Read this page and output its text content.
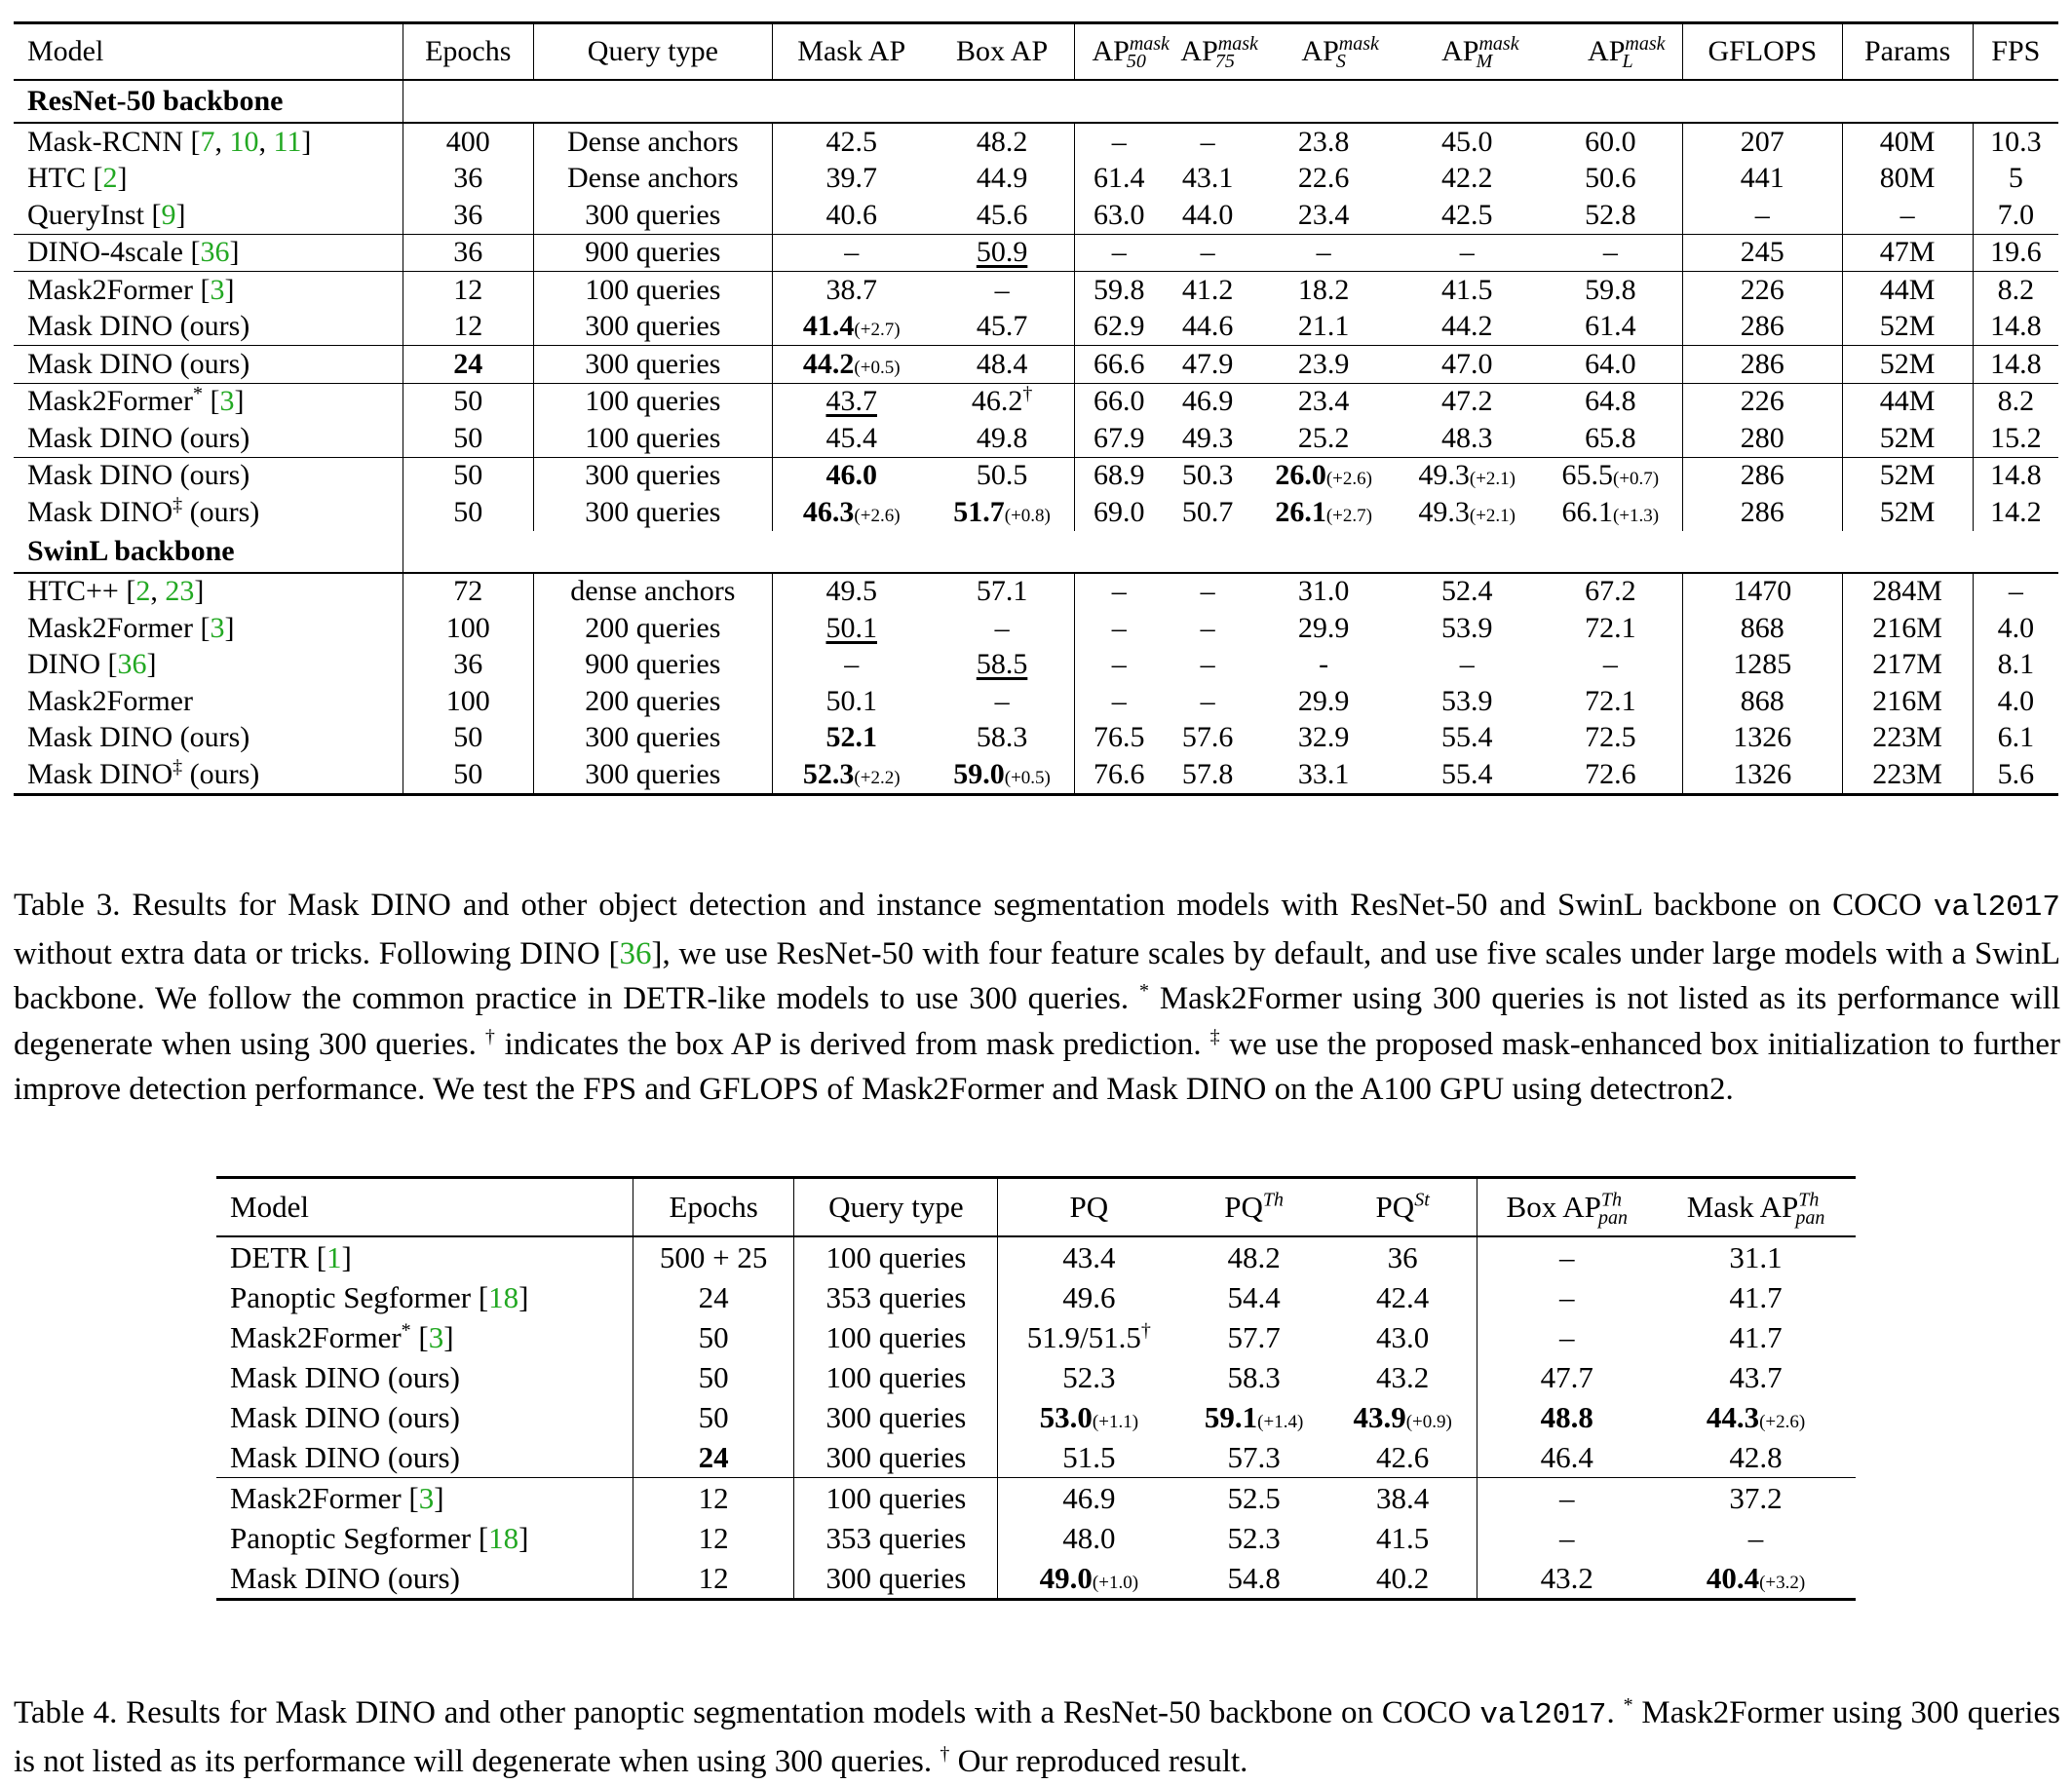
Model	Epochs	Query type	Mask AP	Box AP	$AP^{mask}_{50}$	$AP^{mask}_{75}$	$AP^{mask}_S$	$AP^{mask}_M$	$AP^{mask}_L$	GFLOPS	Params	FPS
ResNet-50 backbone												
Mask-RCNN [7, 10, 11]	400	Dense anchors	42.5	48.2	–	–	23.8	45.0	60.0	207	40M	10.3
HTC [2]	36	Dense anchors	39.7	44.9	61.4	43.1	22.6	42.2	50.6	441	80M	5
QueryInst [9]	36	300 queries	40.6	45.6	63.0	44.0	23.4	42.5	52.8	–	–	7.0
DINO-4scale [36]	36	900 queries	–	50.9	–	–	–	–	–	245	47M	19.6
Mask2Former [3]	12	100 queries	38.7	–	59.8	41.2	18.2	41.5	59.8	226	44M	8.2
Mask DINO (ours)	12	300 queries	41.4(+2.7)	45.7	62.9	44.6	21.1	44.2	61.4	286	52M	14.8
Mask DINO (ours)	24	300 queries	44.2(+0.5)	48.4	66.6	47.9	23.9	47.0	64.0	286	52M	14.8
Mask2Former* [3]	50	100 queries	43.7	46.2†	66.0	46.9	23.4	47.2	64.8	226	44M	8.2
Mask DINO (ours)	50	100 queries	45.4	49.8	67.9	49.3	25.2	48.3	65.8	280	52M	15.2
Mask DINO (ours)	50	300 queries	46.0	50.5	68.9	50.3	26.0(+2.6)	49.3(+2.1)	65.5(+0.7)	286	52M	14.8
Mask DINO‡ (ours)	50	300 queries	46.3(+2.6)	51.7(+0.8)	69.0	50.7	26.1(+2.7)	49.3(+2.1)	66.1(+1.3)	286	52M	14.2
SwinL backbone												
HTC++ [2, 23]	72	dense anchors	49.5	57.1	–	–	31.0	52.4	67.2	1470	284M	–
Mask2Former [3]	100	200 queries	50.1	–	–	–	29.9	53.9	72.1	868	216M	4.0
DINO [36]	36	900 queries	–	58.5	–	–	-	–	–	1285	217M	8.1
Mask2Former	100	200 queries	50.1	–	–	–	29.9	53.9	72.1	868	216M	4.0
Mask DINO (ours)	50	300 queries	52.1	58.3	76.5	57.6	32.9	55.4	72.5	1326	223M	6.1
Mask DINO‡ (ours)	50	300 queries	52.3(+2.2)	59.0(+0.5)	76.6	57.8	33.1	55.4	72.6	1326	223M	5.6

Table 3. Results for Mask DINO and other object detection and instance segmentation models with ResNet-50 and SwinL backbone on COCO val2017 without extra data or tricks. Following DINO [36], we use ResNet-50 with four feature scales by default, and use five scales under large models with a SwinL backbone. We follow the common practice in DETR-like models to use 300 queries. * Mask2Former using 300 queries is not listed as its performance will degenerate when using 300 queries. † indicates the box AP is derived from mask prediction. ‡ we use the proposed mask-enhanced box initialization to further improve detection performance. We test the FPS and GFLOPS of Mask2Former and Mask DINO on the A100 GPU using detectron2.

Model	Epochs	Query type	PQ	$PQ^{Th}$	$PQ^{St}$	Box $AP^{Th}_{pan}$	Mask $AP^{Th}_{pan}$
DETR [1]	500 + 25	100 queries	43.4	48.2	36	–	31.1
Panoptic Segformer [18]	24	353 queries	49.6	54.4	42.4	–	41.7
Mask2Former* [3]	50	100 queries	51.9/51.5†	57.7	43.0	–	41.7
Mask DINO (ours)	50	100 queries	52.3	58.3	43.2	47.7	43.7
Mask DINO (ours)	50	300 queries	53.0(+1.1)	59.1(+1.4)	43.9(+0.9)	48.8	44.3(+2.6)
Mask DINO (ours)	24	300 queries	51.5	57.3	42.6	46.4	42.8
Mask2Former [3]	12	100 queries	46.9	52.5	38.4	–	37.2
Panoptic Segformer [18]	12	353 queries	48.0	52.3	41.5	–	–
Mask DINO (ours)	12	300 queries	49.0(+1.0)	54.8	40.2	43.2	40.4(+3.2)

Table 4. Results for Mask DINO and other panoptic segmentation models with a ResNet-50 backbone on COCO val2017. * Mask2Former using 300 queries is not listed as its performance will degenerate when using 300 queries. † Our reproduced result.
